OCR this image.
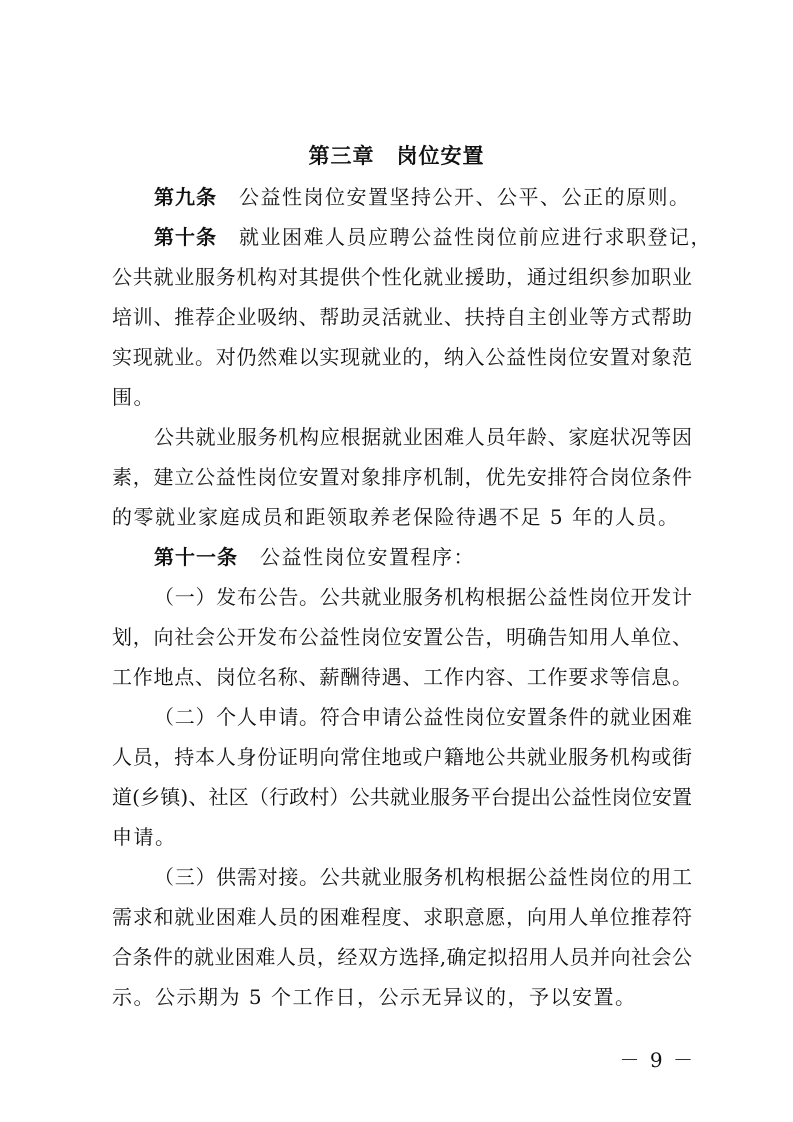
第三章 岗位安置
第九条 公益性岗位安置坚持公开、公平、公正的原则。
第十条 就业困难人员应聘公益性岗位前应进行求职登记，
公共就业服务机构对其提供个性化就业援助，通过组织参加职业
培训、推荐企业吸纳、帮助灵活就业、扶持自主创业等方式帮助
实现就业。对仍然难以实现就业的，纳入公益性岗位安置对象范
围。
公共就业服务机构应根据就业困难人员年龄、家庭状况等因
素，建立公益性岗位安置对象排序机制，优先安排符合岗位条件
的零就业家庭成员和距领取养老保险待遇不足 5 年的人员。
第十一条 公益性岗位安置程序：
（一）发布公告。公共就业服务机构根据公益性岗位开发计
划，向社会公开发布公益性岗位安置公告，明确告知用人单位、
工作地点、岗位名称、薪酬待遇、工作内容、工作要求等信息。
（二）个人申请。符合申请公益性岗位安置条件的就业困难
人员，持本人身份证明向常住地或户籍地公共就业服务机构或街
道(乡镇)、社区（行政村）公共就业服务平台提出公益性岗位安置
申请。
（三）供需对接。公共就业服务机构根据公益性岗位的用工
需求和就业困难人员的困难程度、求职意愿，向用人单位推荐符
合条件的就业困难人员，经双方选择,确定拟招用人员并向社会公
示。公示期为 5 个工作日，公示无异议的，予以安置。
－ 9 －
